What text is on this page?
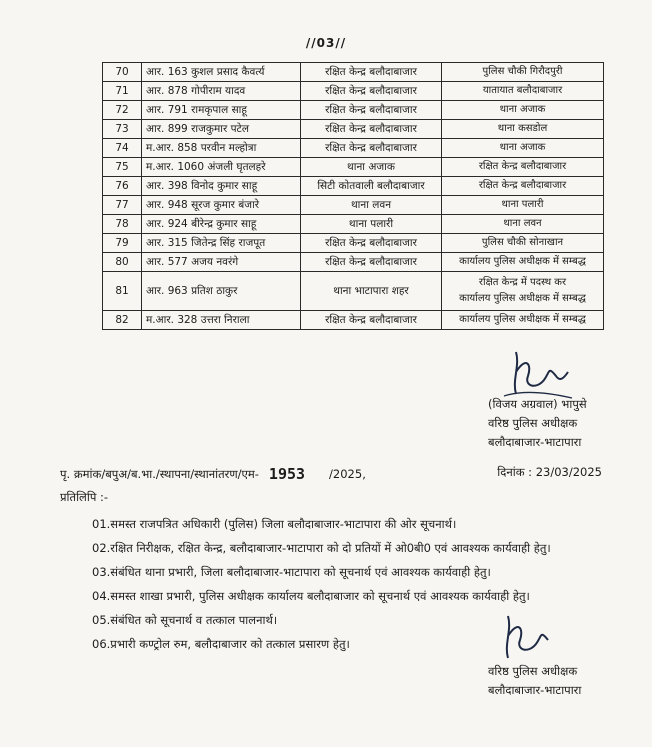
//03//
70	आर. 163 कुशल प्रसाद कैवर्त्य	रक्षित केन्द्र बलौदाबाजार	पुलिस चौकी गिरौदपुरी

71	आर. 878 गोपीराम यादव	रक्षित केन्द्र बलौदाबाजार	यातायात बलौदाबाजार

72	आर. 791 रामकृपाल साहू	रक्षित केन्द्र बलौदाबाजार	थाना अजाक

73	आर. 899 राजकुमार पटेल	रक्षित केन्द्र बलौदाबाजार	थाना कसडोल

74	म.आर. 858 परवीन मल्होत्रा	रक्षित केन्द्र बलौदाबाजार	थाना अजाक

75	म.आर. 1060 अंजली घृतलहरे	थाना अजाक	रक्षित केन्द्र बलौदाबाजार

76	आर. 398 विनोद कुमार साहू	सिटी कोतवाली बलौदाबाजार	रक्षित केन्द्र बलौदाबाजार

77	आर. 948 सूरज कुमार बंजारे	थाना लवन	थाना पलारी

78	आर. 924 बीरेन्द्र कुमार साहू	थाना पलारी	थाना लवन

79	आर. 315 जितेन्द्र सिंह राजपूत	रक्षित केन्द्र बलौदाबाजार	पुलिस चौकी सोनाखान

80	आर. 577 अजय नवरंगे	रक्षित केन्द्र बलौदाबाजार	कार्यालय पुलिस अधीक्षक में सम्बद्ध

81	आर. 963 प्रतिश ठाकुर	थाना भाटापारा शहर	रक्षित केन्द्र में पदस्थ कर
कार्यालय पुलिस अधीक्षक में सम्बद्ध

82	म.आर. 328 उत्तरा निराला	रक्षित केन्द्र बलौदाबाजार	कार्यालय पुलिस अधीक्षक में सम्बद्ध
(विजय अग्रवाल) भापुसे
वरिष्ठ पुलिस अधीक्षक
बलौदाबाजार-भाटापारा
पृ. क्रमांक/बपुअ/ब.भा./स्थापना/स्थानांतरण/एम- 1953 /2025,	दिनांक : 23/03/2025
प्रतिलिपि :-
01.समस्त राजपत्रित अधिकारी (पुलिस) जिला बलौदाबाजार-भाटापारा की ओर सूचनार्थ।
02.रक्षित निरीक्षक, रक्षित केन्द्र, बलौदाबाजार-भाटापारा को दो प्रतियों में ओ0बी0 एवं आवश्यक कार्यवाही हेतु।
03.संबंधित थाना प्रभारी, जिला बलौदाबाजार-भाटापारा को सूचनार्थ एवं आवश्यक कार्यवाही हेतु।
04.समस्त शाखा प्रभारी, पुलिस अधीक्षक कार्यालय बलौदाबाजार को सूचनार्थ एवं आवश्यक कार्यवाही हेतु।
05.संबंधित को सूचनार्थ व तत्काल पालनार्थ।
06.प्रभारी कण्ट्रोल रुम, बलौदाबाजार को तत्काल प्रसारण हेतु।
वरिष्ठ पुलिस अधीक्षक
बलौदाबाजार-भाटापारा
